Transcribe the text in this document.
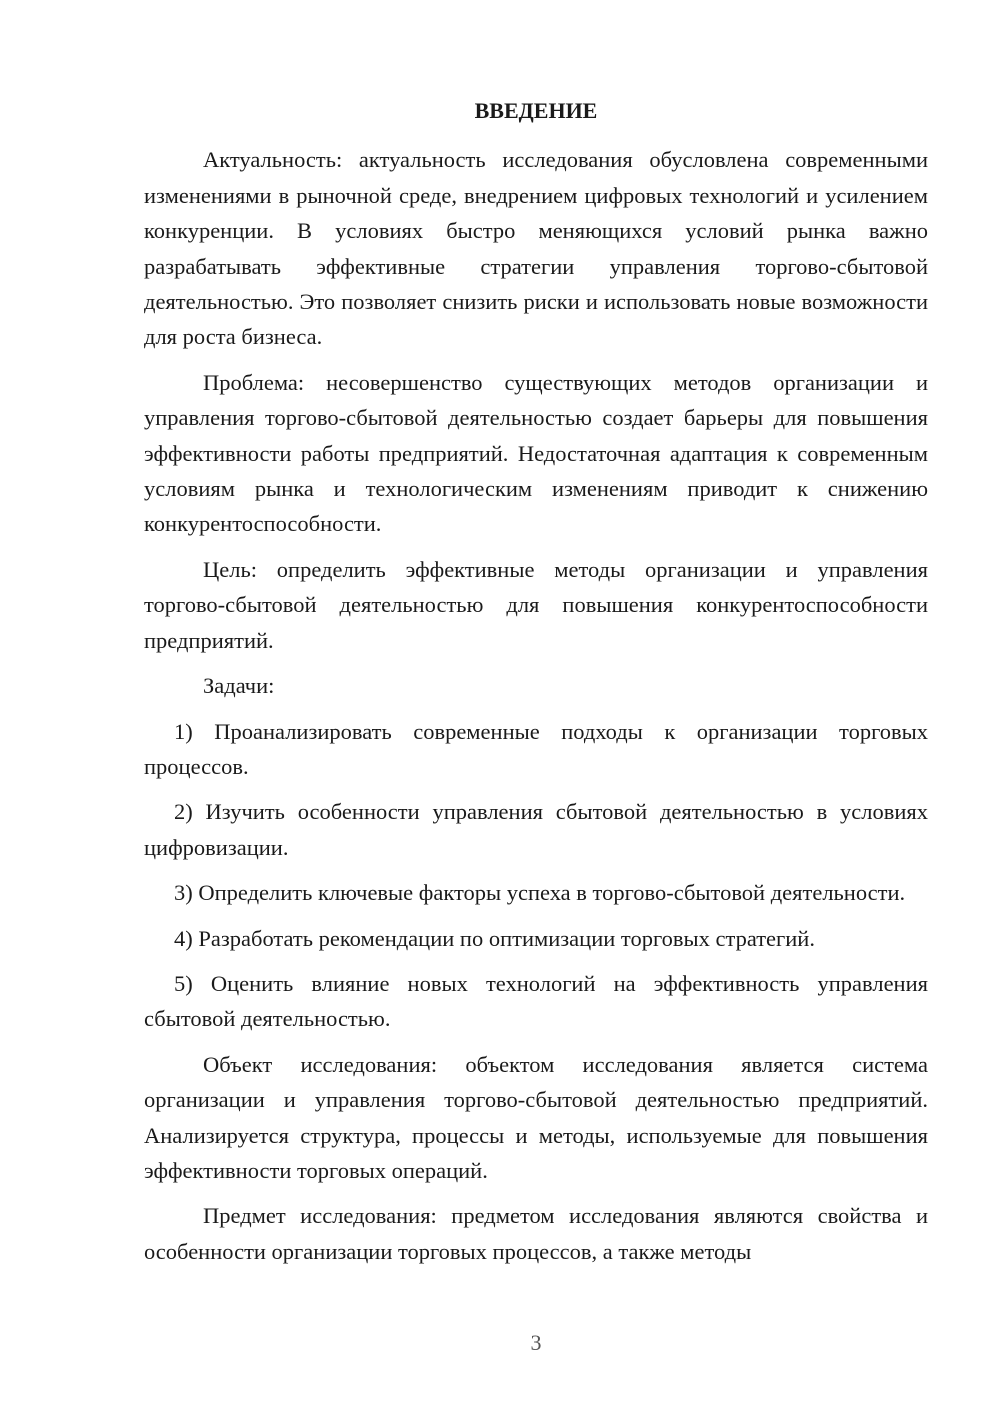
ВВЕДЕНИЕ

Актуальность: актуальность исследования обусловлена современными изменениями в рыночной среде, внедрением цифровых технологий и усилением конкуренции. В условиях быстро меняющихся условий рынка важно разрабатывать эффективные стратегии управления торгово-сбытовой деятельностью. Это позволяет снизить риски и использовать новые возможности для роста бизнеса.

Проблема: несовершенство существующих методов организации и управления торгово-сбытовой деятельностью создает барьеры для повышения эффективности работы предприятий. Недостаточная адаптация к современным условиям рынка и технологическим изменениям приводит к снижению конкурентоспособности.

Цель: определить эффективные методы организации и управления торгово-сбытовой деятельностью для повышения конкурентоспособности предприятий.

Задачи:

1) Проанализировать современные подходы к организации торговых процессов.

2) Изучить особенности управления сбытовой деятельностью в условиях цифровизации.

3) Определить ключевые факторы успеха в торгово-сбытовой деятельности.

4) Разработать рекомендации по оптимизации торговых стратегий.

5) Оценить влияние новых технологий на эффективность управления сбытовой деятельностью.

Объект исследования: объектом исследования является система организации и управления торгово-сбытовой деятельностью предприятий. Анализируется структура, процессы и методы, используемые для повышения эффективности торговых операций.

Предмет исследования: предметом исследования являются свойства и особенности организации торговых процессов, а также методы

3
